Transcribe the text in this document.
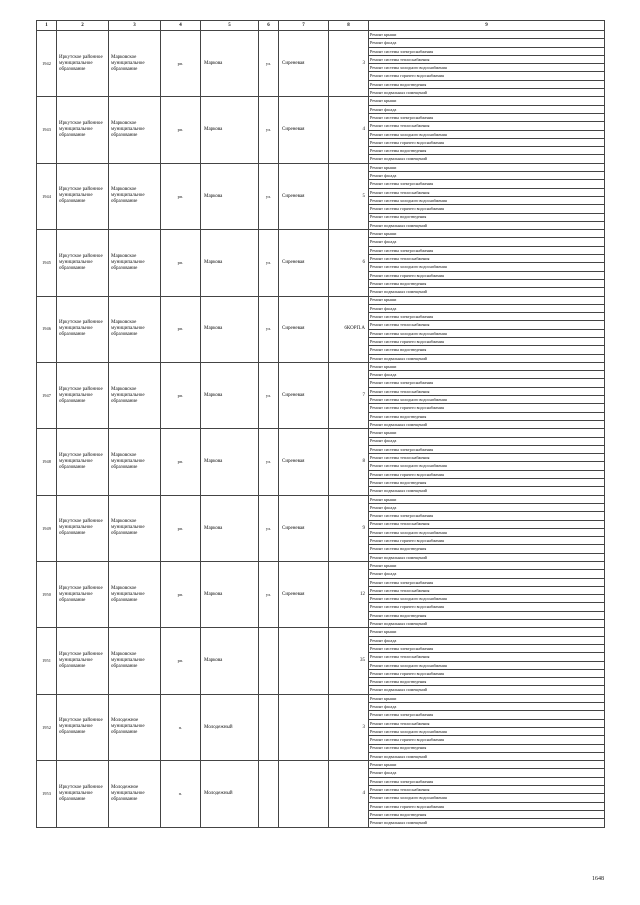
1	2	3	4	5	6	7	8	9
1942	Иркутское районное муниципальное образование	Марковское муниципальное образование	рп.	Маркова	ул.	Сиреневая	3	Ремонт крыши
								Ремонт фасада
								Ремонт системы электроснабжения
								Ремонт системы теплоснабжения
								Ремонт системы холодного водоснабжения
								Ремонт системы горячего водоснабжения
								Ремонт системы водоотведения
								Ремонт подвальных помещений
1943	Иркутское районное муниципальное образование	Марковское муниципальное образование	рп.	Маркова	ул.	Сиреневая	4	Ремонт крыши
								Ремонт фасада
								Ремонт системы электроснабжения
								Ремонт системы теплоснабжения
								Ремонт системы холодного водоснабжения
								Ремонт системы горячего водоснабжения
								Ремонт системы водоотведения
								Ремонт подвальных помещений
1944	Иркутское районное муниципальное образование	Марковское муниципальное образование	рп.	Маркова	ул.	Сиреневая	5	Ремонт крыши
								Ремонт фасада
								Ремонт системы электроснабжения
								Ремонт системы теплоснабжения
								Ремонт системы холодного водоснабжения
								Ремонт системы горячего водоснабжения
								Ремонт системы водоотведения
								Ремонт подвальных помещений
1945	Иркутское районное муниципальное образование	Марковское муниципальное образование	рп.	Маркова	ул.	Сиреневая	6	Ремонт крыши
								Ремонт фасада
								Ремонт системы электроснабжения
								Ремонт системы теплоснабжения
								Ремонт системы холодного водоснабжения
								Ремонт системы горячего водоснабжения
								Ремонт системы водоотведения
								Ремонт подвальных помещений
1946	Иркутское районное муниципальное образование	Марковское муниципальное образование	рп.	Маркова	ул.	Сиреневая	6КОРП.А	Ремонт крыши
								Ремонт фасада
								Ремонт системы электроснабжения
								Ремонт системы теплоснабжения
								Ремонт системы холодного водоснабжения
								Ремонт системы горячего водоснабжения
								Ремонт системы водоотведения
								Ремонт подвальных помещений
1947	Иркутское районное муниципальное образование	Марковское муниципальное образование	рп.	Маркова	ул.	Сиреневая	7	Ремонт крыши
								Ремонт фасада
								Ремонт системы электроснабжения
								Ремонт системы теплоснабжения
								Ремонт системы холодного водоснабжения
								Ремонт системы горячего водоснабжения
								Ремонт системы водоотведения
								Ремонт подвальных помещений
1948	Иркутское районное муниципальное образование	Марковское муниципальное образование	рп.	Маркова	ул.	Сиреневая	8	Ремонт крыши
								Ремонт фасада
								Ремонт системы электроснабжения
								Ремонт системы теплоснабжения
								Ремонт системы холодного водоснабжения
								Ремонт системы горячего водоснабжения
								Ремонт системы водоотведения
								Ремонт подвальных помещений
1949	Иркутское районное муниципальное образование	Марковское муниципальное образование	рп.	Маркова	ул.	Сиреневая	9	Ремонт крыши
								Ремонт фасада
								Ремонт системы электроснабжения
								Ремонт системы теплоснабжения
								Ремонт системы холодного водоснабжения
								Ремонт системы горячего водоснабжения
								Ремонт системы водоотведения
								Ремонт подвальных помещений
1950	Иркутское районное муниципальное образование	Марковское муниципальное образование	рп.	Маркова	ул.	Сиреневая	12	Ремонт крыши
								Ремонт фасада
								Ремонт системы электроснабжения
								Ремонт системы теплоснабжения
								Ремонт системы холодного водоснабжения
								Ремонт системы горячего водоснабжения
								Ремонт системы водоотведения
								Ремонт подвальных помещений
1951	Иркутское районное муниципальное образование	Марковское муниципальное образование	рп.	Маркова			35	Ремонт крыши
								Ремонт фасада
								Ремонт системы электроснабжения
								Ремонт системы теплоснабжения
								Ремонт системы холодного водоснабжения
								Ремонт системы горячего водоснабжения
								Ремонт системы водоотведения
								Ремонт подвальных помещений
1952	Иркутское районное муниципальное образование	Молодежное муниципальное образование	п.	Молодежный			3	Ремонт крыши
								Ремонт фасада
								Ремонт системы электроснабжения
								Ремонт системы теплоснабжения
								Ремонт системы холодного водоснабжения
								Ремонт системы горячего водоснабжения
								Ремонт системы водоотведения
								Ремонт подвальных помещений
1953	Иркутское районное муниципальное образование	Молодежное муниципальное образование	п.	Молодежный			4	Ремонт крыши
								Ремонт фасада
								Ремонт системы электроснабжения
								Ремонт системы теплоснабжения
								Ремонт системы холодного водоснабжения
								Ремонт системы горячего водоснабжения
								Ремонт системы водоотведения
								Ремонт подвальных помещений
1648
